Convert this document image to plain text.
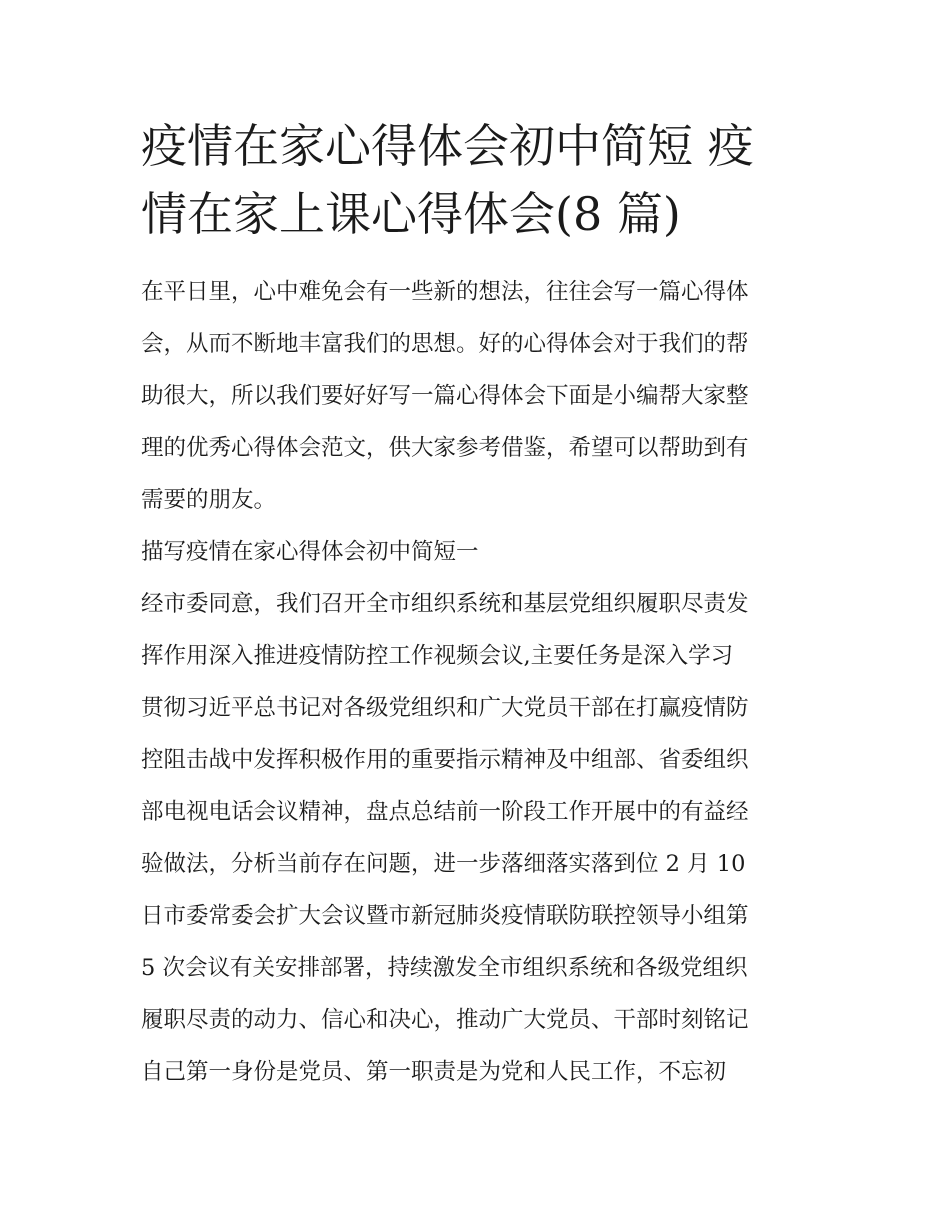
疫情在家心得体会初中简短 疫
情在家上课心得体会(8 篇)

在平日里，心中难免会有一些新的想法，往往会写一篇心得体
会，从而不断地丰富我们的思想。好的心得体会对于我们的帮
助很大，所以我们要好好写一篇心得体会下面是小编帮大家整
理的优秀心得体会范文，供大家参考借鉴，希望可以帮助到有
需要的朋友。

描写疫情在家心得体会初中简短一

经市委同意，我们召开全市组织系统和基层党组织履职尽责发
挥作用深入推进疫情防控工作视频会议,主要任务是深入学习
贯彻习近平总书记对各级党组织和广大党员干部在打赢疫情防
控阻击战中发挥积极作用的重要指示精神及中组部、省委组织
部电视电话会议精神，盘点总结前一阶段工作开展中的有益经
验做法，分析当前存在问题，进一步落细落实落到位 2 月 10
日市委常委会扩大会议暨市新冠肺炎疫情联防联控领导小组第
5 次会议有关安排部署，持续激发全市组织系统和各级党组织
履职尽责的动力、信心和决心，推动广大党员、干部时刻铭记
自己第一身份是党员、第一职责是为党和人民工作，不忘初
